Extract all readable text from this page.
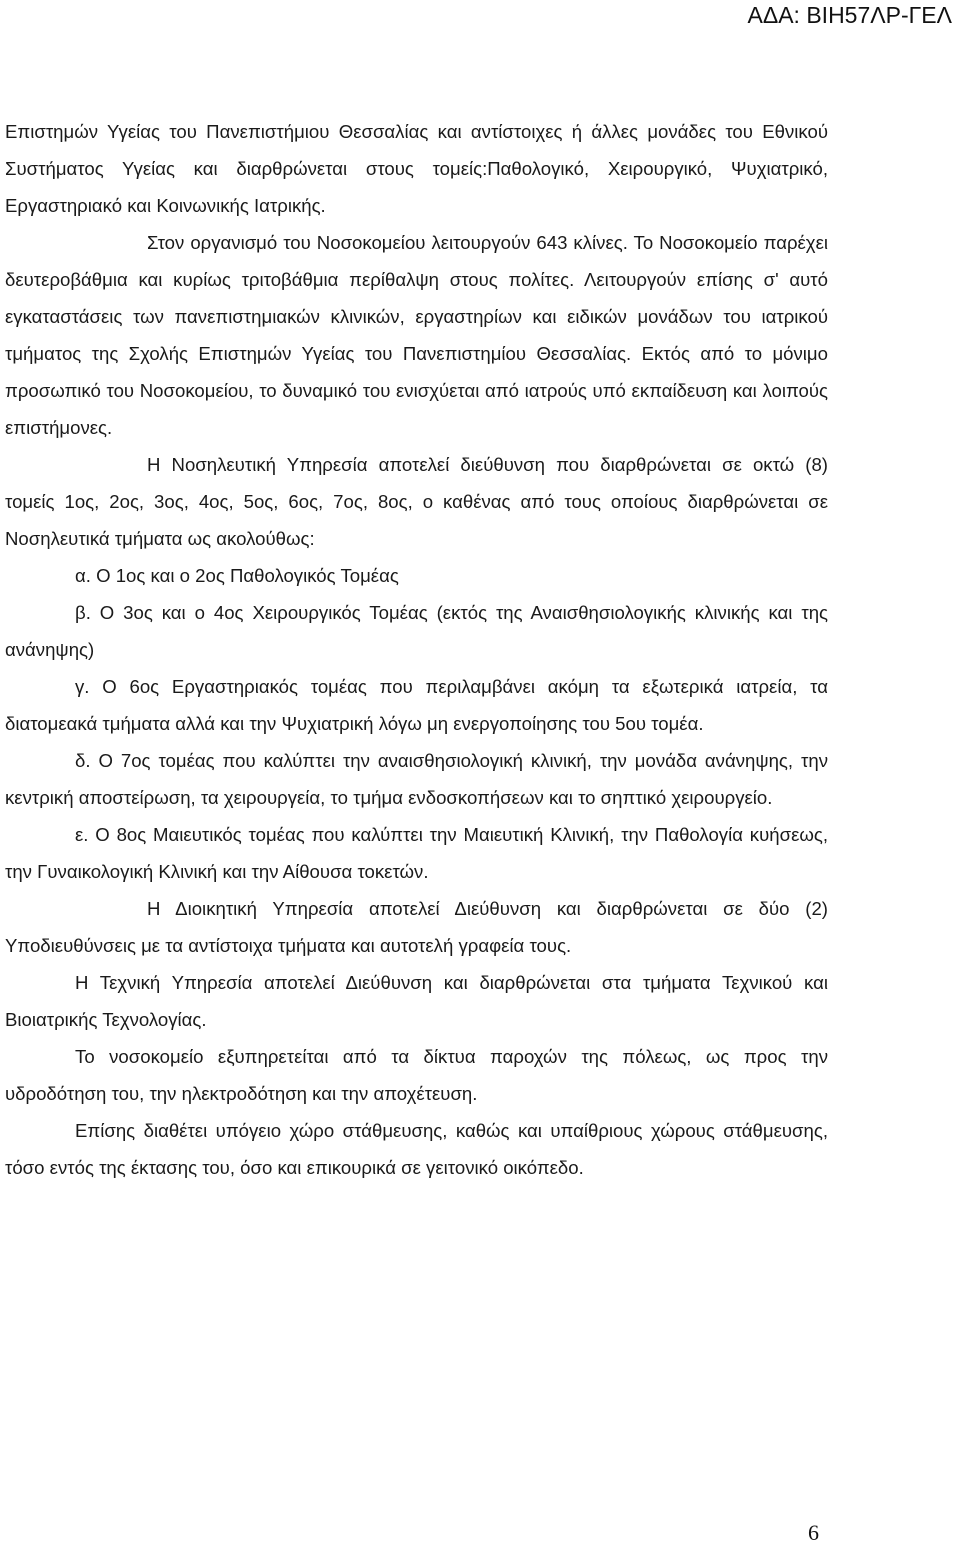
ΑΔΑ: ΒΙΗ57ΛΡ-ΓΕΛ

Επιστημών Υγείας του Πανεπιστήμιου Θεσσαλίας και αντίστοιχες ή άλλες μονάδες του Εθνικού Συστήματος Υγείας και διαρθρώνεται στους τομείς:Παθολογικό, Χειρουργικό, Ψυχιατρικό, Εργαστηριακό και Κοινωνικής Ιατρικής.

Στον οργανισμό του Νοσοκομείου λειτουργούν 643 κλίνες. Το Νοσοκομείο παρέχει δευτεροβάθμια και κυρίως τριτοβάθμια περίθαλψη στους πολίτες. Λειτουργούν επίσης σ' αυτό εγκαταστάσεις των πανεπιστημιακών κλινικών, εργαστηρίων και ειδικών μονάδων του ιατρικού τμήματος της Σχολής Επιστημών Υγείας του Πανεπιστημίου Θεσσαλίας. Εκτός από το μόνιμο προσωπικό του Νοσοκομείου, το δυναμικό του ενισχύεται από ιατρούς υπό εκπαίδευση και λοιπούς επιστήμονες.

Η Νοσηλευτική Υπηρεσία αποτελεί διεύθυνση που διαρθρώνεται σε οκτώ (8) τομείς 1ος, 2ος, 3ος, 4ος, 5ος, 6ος, 7ος, 8ος, ο καθένας από τους οποίους διαρθρώνεται σε Νοσηλευτικά τμήματα ως ακολούθως:

α. Ο 1ος και ο 2ος Παθολογικός Τομέας

β. Ο 3ος και ο 4ος Χειρουργικός Τομέας (εκτός της Αναισθησιολογικής κλινικής και της ανάνηψης)

γ. Ο 6ος Εργαστηριακός τομέας που περιλαμβάνει ακόμη τα εξωτερικά ιατρεία, τα διατομεακά τμήματα αλλά και την Ψυχιατρική λόγω μη ενεργοποίησης του 5ου τομέα.

δ. Ο 7ος τομέας που καλύπτει την αναισθησιολογική κλινική, την μονάδα ανάνηψης, την κεντρική αποστείρωση, τα χειρουργεία, το τμήμα ενδοσκοπήσεων και το σηπτικό χειρουργείο.

ε. Ο 8ος Μαιευτικός τομέας που καλύπτει την Μαιευτική Κλινική, την Παθολογία κυήσεως, την Γυναικολογική Κλινική και την Αίθουσα τοκετών.

Η Διοικητική Υπηρεσία αποτελεί Διεύθυνση και διαρθρώνεται σε δύο (2) Υποδιευθύνσεις με τα αντίστοιχα τμήματα και αυτοτελή γραφεία τους.

Η Τεχνική Υπηρεσία αποτελεί Διεύθυνση και διαρθρώνεται στα τμήματα Τεχνικού και Βιοιατρικής Τεχνολογίας.

Το νοσοκομείο εξυπηρετείται από τα δίκτυα παροχών της πόλεως, ως προς την υδροδότηση του, την ηλεκτροδότηση και την αποχέτευση.

Επίσης διαθέτει υπόγειο χώρο στάθμευσης, καθώς και υπαίθριους χώρους στάθμευσης, τόσο εντός της έκτασης του, όσο και επικουρικά σε γειτονικό οικόπεδο.

6
